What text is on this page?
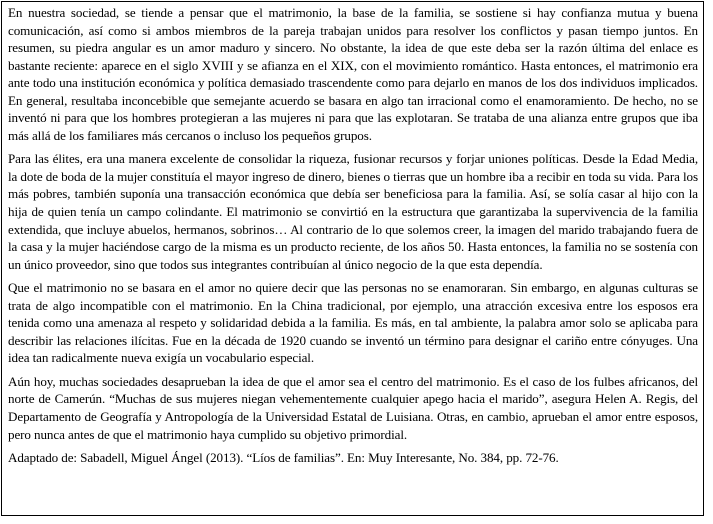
En nuestra sociedad, se tiende a pensar que el matrimonio, la base de la familia, se sostiene si hay confianza mutua y buena comunicación, así como si ambos miembros de la pareja trabajan unidos para resolver los conflictos y pasan tiempo juntos. En resumen, su piedra angular es un amor maduro y sincero. No obstante, la idea de que este deba ser la razón última del enlace es bastante reciente: aparece en el siglo XVIII y se afianza en el XIX, con el movimiento romántico. Hasta entonces, el matrimonio era ante todo una institución económica y política demasiado trascendente como para dejarlo en manos de los dos individuos implicados. En general, resultaba inconcebible que semejante acuerdo se basara en algo tan irracional como el enamoramiento. De hecho, no se inventó ni para que los hombres protegieran a las mujeres ni para que las explotaran. Se trataba de una alianza entre grupos que iba más allá de los familiares más cercanos o incluso los pequeños grupos.

Para las élites, era una manera excelente de consolidar la riqueza, fusionar recursos y forjar uniones políticas. Desde la Edad Media, la dote de boda de la mujer constituía el mayor ingreso de dinero, bienes o tierras que un hombre iba a recibir en toda su vida. Para los más pobres, también suponía una transacción económica que debía ser beneficiosa para la familia. Así, se solía casar al hijo con la hija de quien tenía un campo colindante. El matrimonio se convirtió en la estructura que garantizaba la supervivencia de la familia extendida, que incluye abuelos, hermanos, sobrinos… Al contrario de lo que solemos creer, la imagen del marido trabajando fuera de la casa y la mujer haciéndose cargo de la misma es un producto reciente, de los años 50. Hasta entonces, la familia no se sostenía con un único proveedor, sino que todos sus integrantes contribuían al único negocio de la que esta dependía.

Que el matrimonio no se basara en el amor no quiere decir que las personas no se enamoraran. Sin embargo, en algunas culturas se trata de algo incompatible con el matrimonio. En la China tradicional, por ejemplo, una atracción excesiva entre los esposos era tenida como una amenaza al respeto y solidaridad debida a la familia. Es más, en tal ambiente, la palabra amor solo se aplicaba para describir las relaciones ilícitas. Fue en la década de 1920 cuando se inventó un término para designar el cariño entre cónyuges. Una idea tan radicalmente nueva exigía un vocabulario especial.

Aún hoy, muchas sociedades desaprueban la idea de que el amor sea el centro del matrimonio. Es el caso de los fulbes africanos, del norte de Camerún. “Muchas de sus mujeres niegan vehementemente cualquier apego hacia el marido”, asegura Helen A. Regis, del Departamento de Geografía y Antropología de la Universidad Estatal de Luisiana. Otras, en cambio, aprueban el amor entre esposos, pero nunca antes de que el matrimonio haya cumplido su objetivo primordial.

Adaptado de: Sabadell, Miguel Ángel (2013). “Líos de familias”. En: Muy Interesante, No. 384, pp. 72-76.
